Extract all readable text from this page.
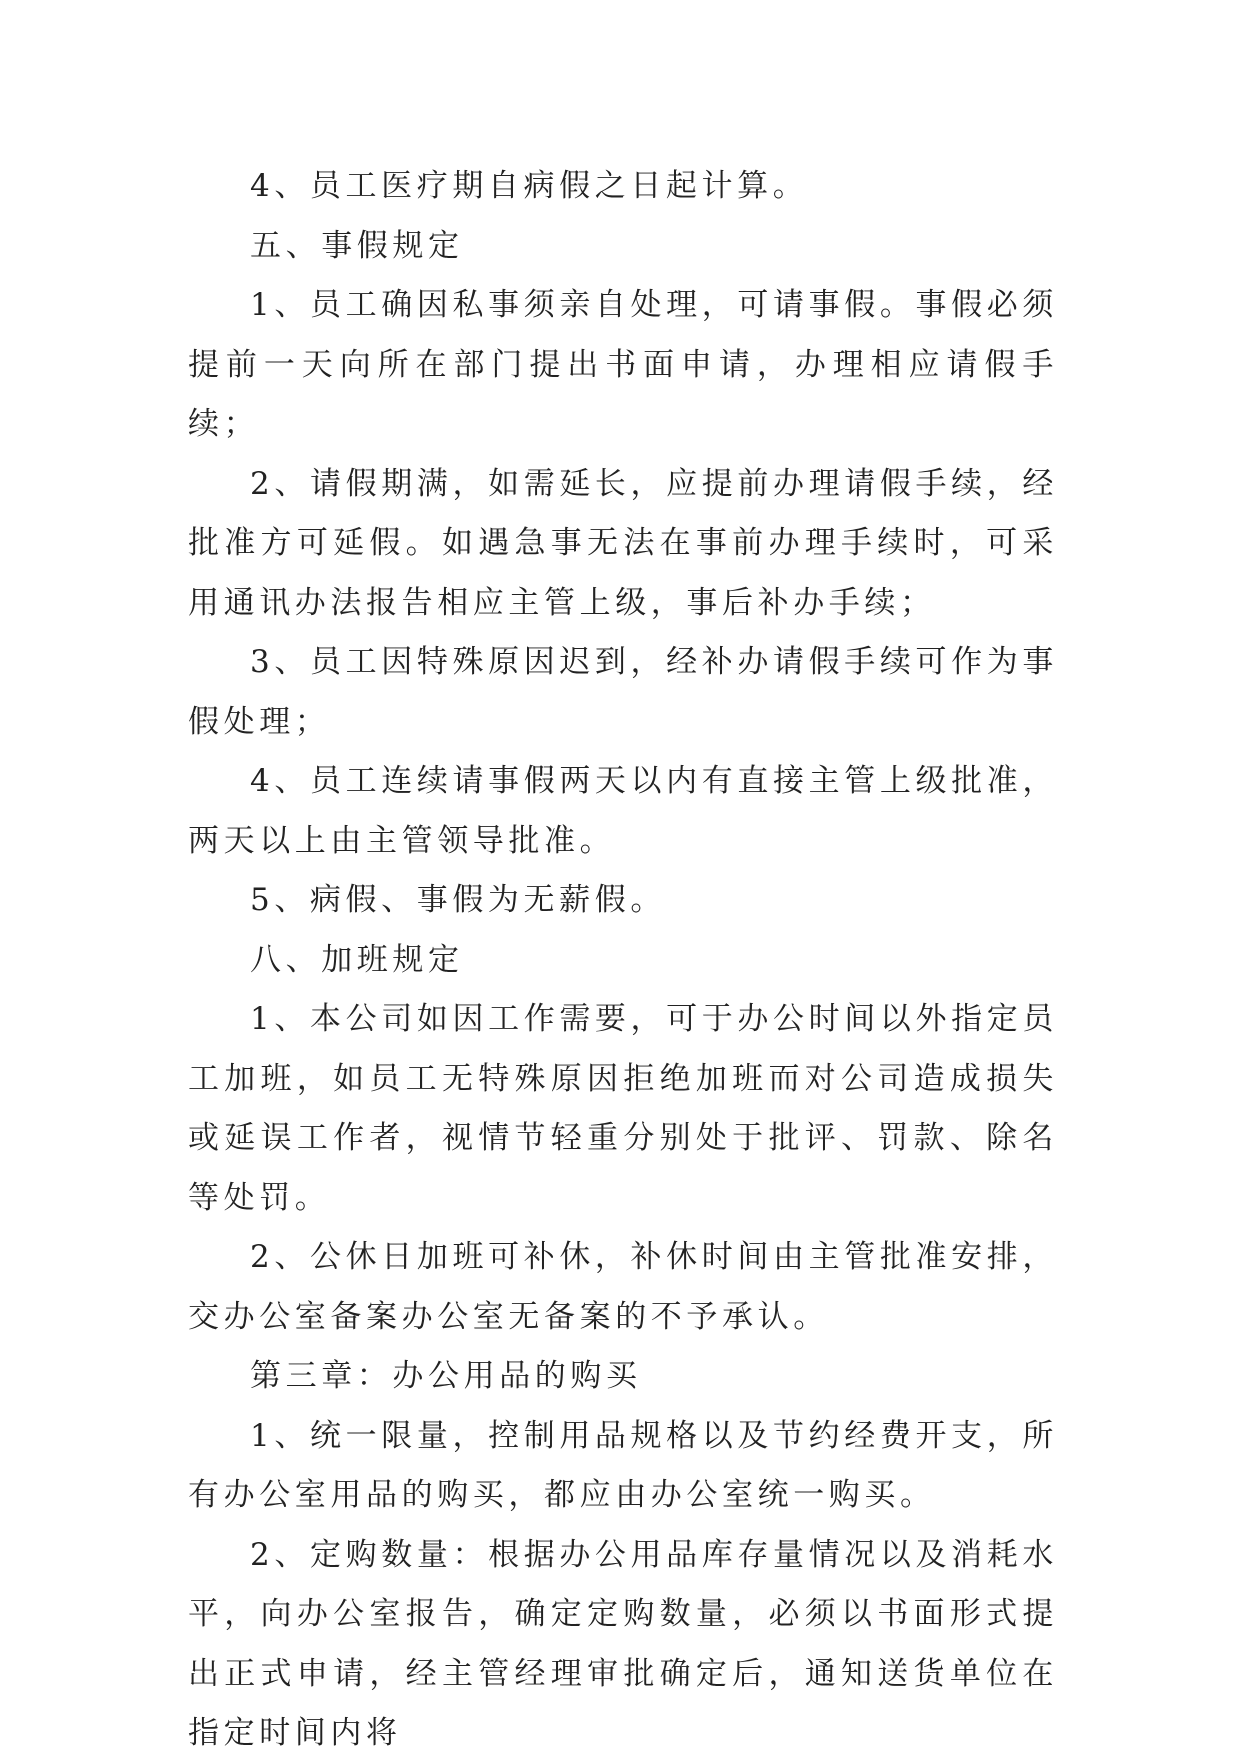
4、员工医疗期自病假之日起计算。

五、事假规定

1、员工确因私事须亲自处理，可请事假。事假必须提前一天向所在部门提出书面申请，办理相应请假手续；

2、请假期满，如需延长，应提前办理请假手续，经批准方可延假。如遇急事无法在事前办理手续时，可采用通讯办法报告相应主管上级，事后补办手续；

3、员工因特殊原因迟到，经补办请假手续可作为事假处理；

4、员工连续请事假两天以内有直接主管上级批准，两天以上由主管领导批准。

5、病假、事假为无薪假。

八、加班规定

1、本公司如因工作需要，可于办公时间以外指定员工加班，如员工无特殊原因拒绝加班而对公司造成损失或延误工作者，视情节轻重分别处于批评、罚款、除名等处罚。

2、公休日加班可补休，补休时间由主管批准安排，交办公室备案办公室无备案的不予承认。

第三章：办公用品的购买

1、统一限量，控制用品规格以及节约经费开支，所有办公室用品的购买，都应由办公室统一购买。

2、定购数量：根据办公用品库存量情况以及消耗水平，向办公室报告，确定定购数量，必须以书面形式提出正式申请，经主管经理审批确定后，通知送货单位在指定时间内将
